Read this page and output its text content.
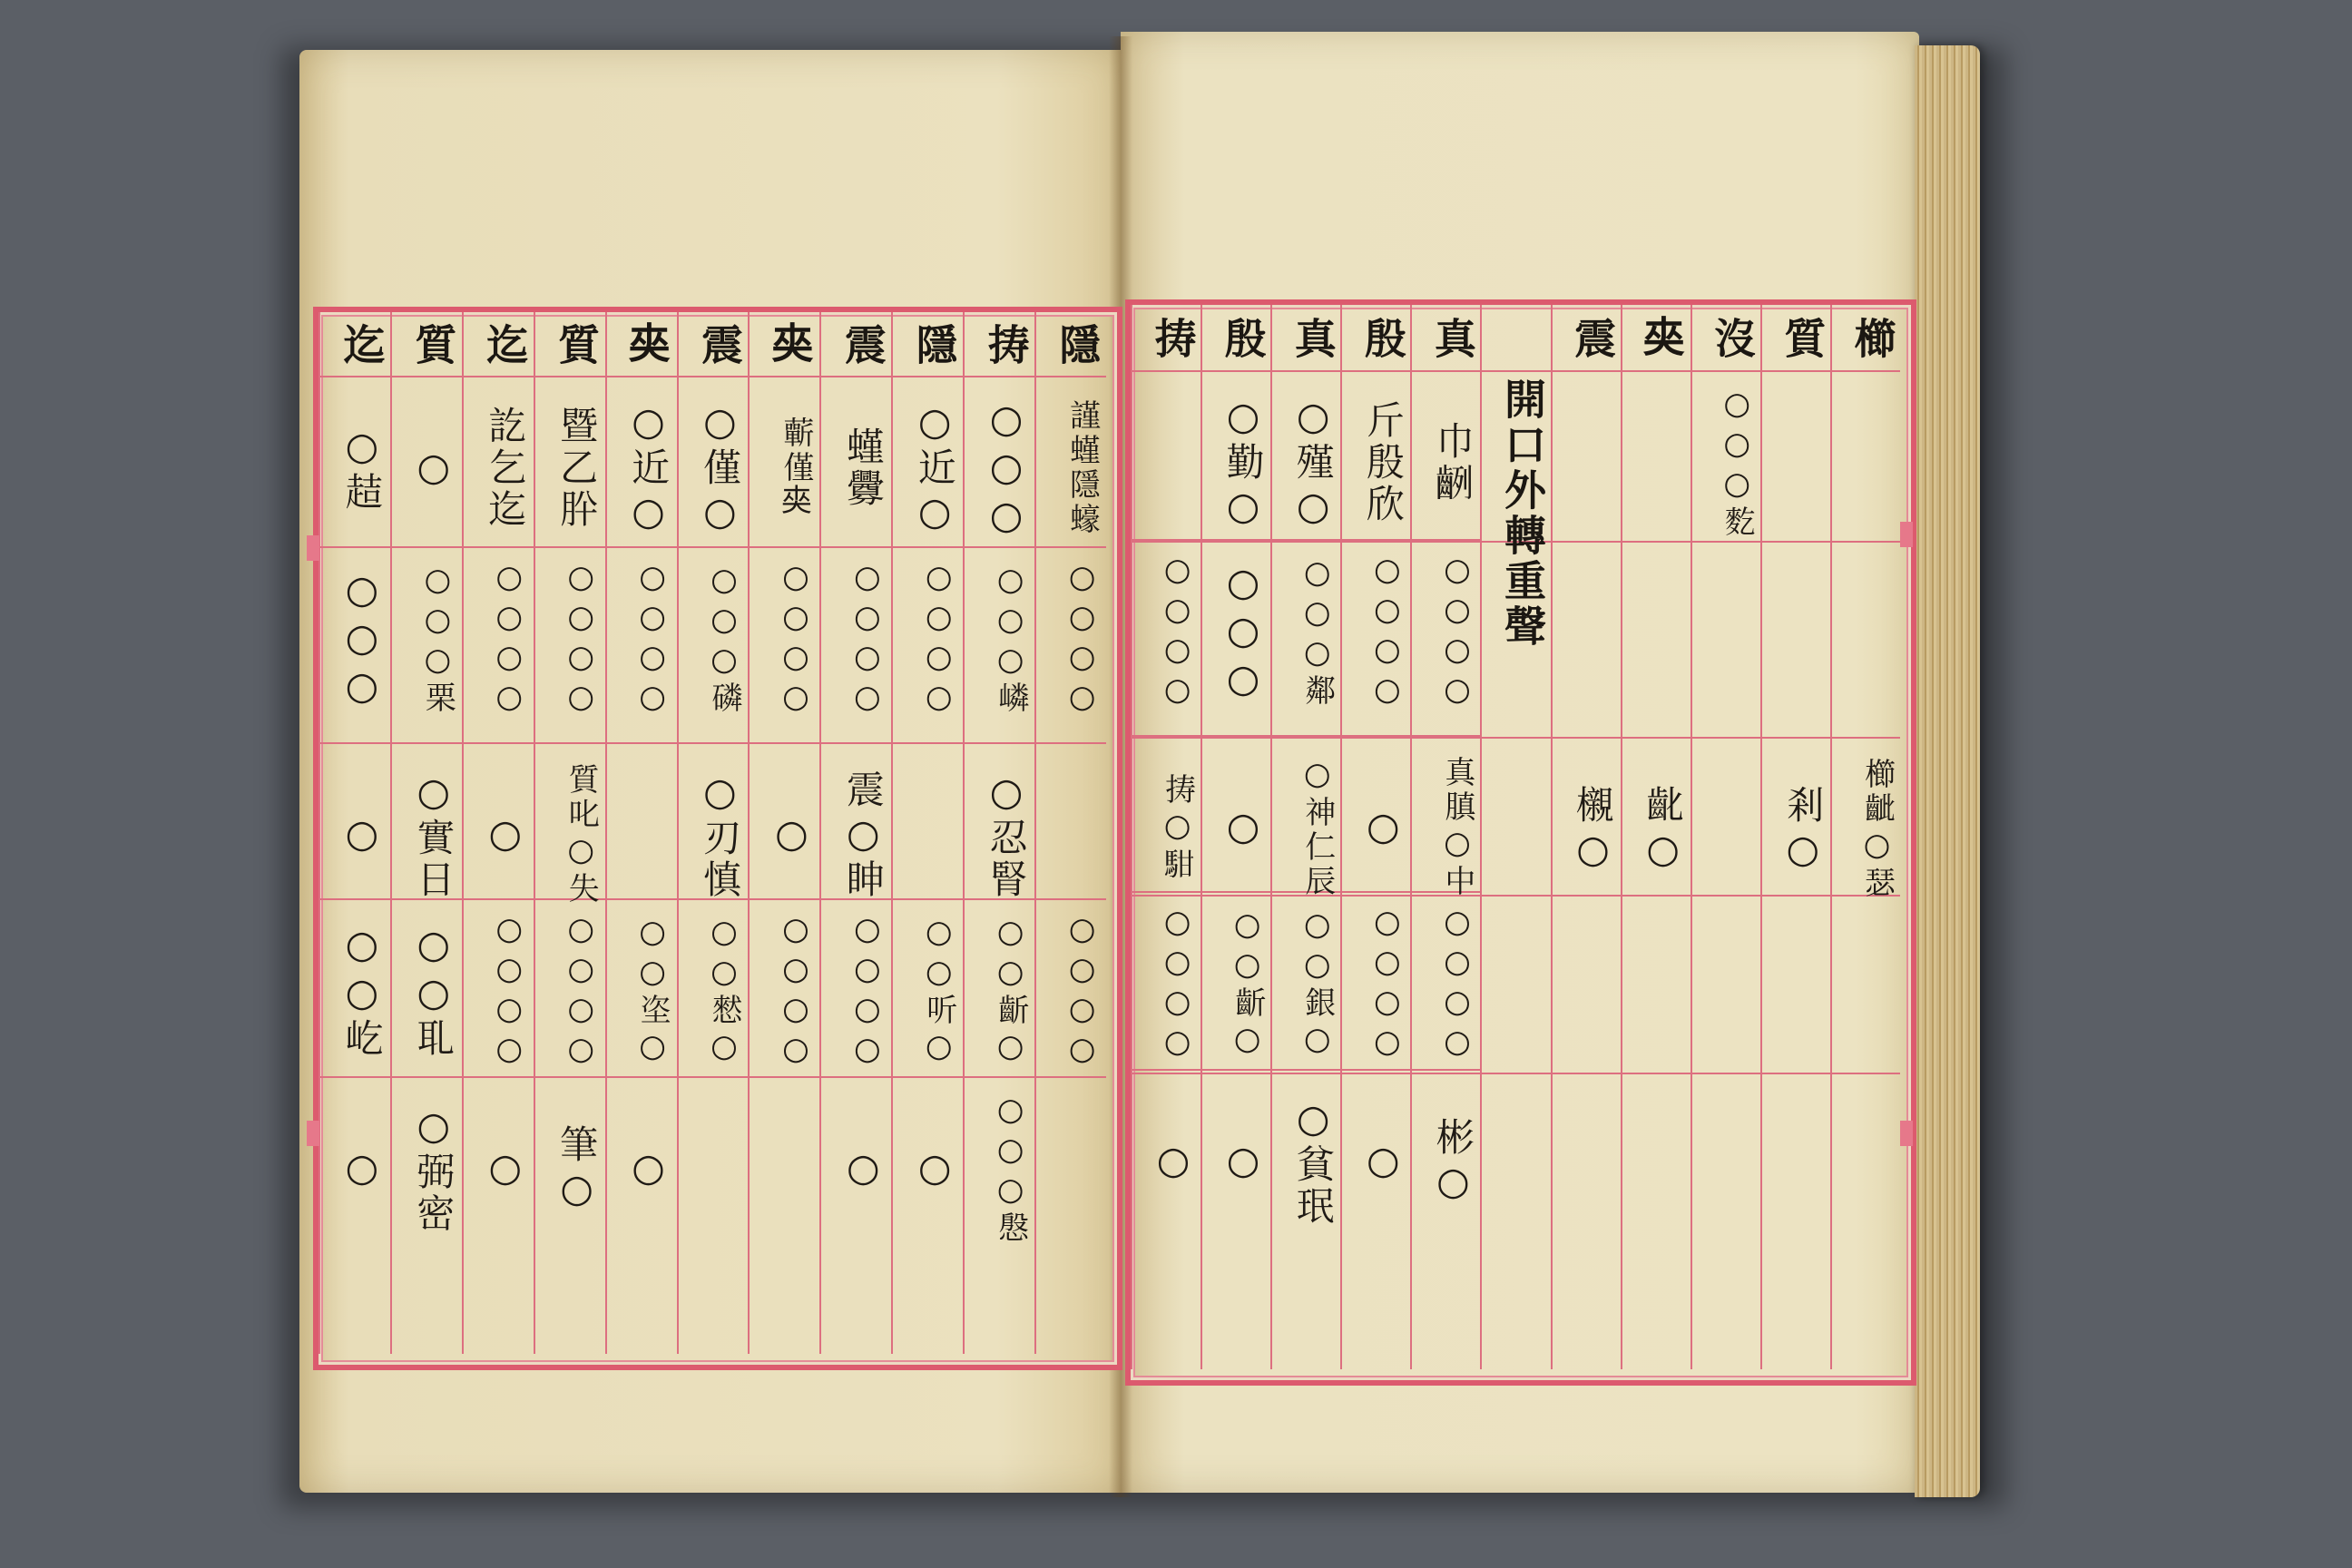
隱
謹螼隱蠔
○○○○
○○○○
𢭏
○○○
○○○嶙
○忍腎
○○齗○
○○○慇
隱
○近○
○○○○
○○听○
○
震
螼釁
○○○○
震○眒
○○○○
○
𡘖
蘄僅𡘖
○○○○
○
○○○○
震
○僅○
○○○磷
○刃慎
○○憖○
𡘖
○近○
○○○○
○○垐○
○
質
暨乙肸
○○○○
質叱○失
○○○○
筆○
迄
訖乞迄
○○○○
○
○○○○
○
質
○
○○○栗
○實日
○○耴
○弼密
迄
○趌
○○○
○
○○屹
○
櫛
櫛齜○瑟
質
剎○
沒
○○○麧
𡘖
齔○
震
櫬○
開口外轉重聲
真
巾𪗿
○○○○
真䐜○中
○○○○
彬○
殷
斤殷欣
○○○○
○
○○○○
○
真
○殣○
○○○鄰
○神仁辰
○○銀○
○貧珉
殷
○勤○
○○○
○
○○齗○
○
𢭏
○○○○
𢭏○𩢨
○○○○
○
